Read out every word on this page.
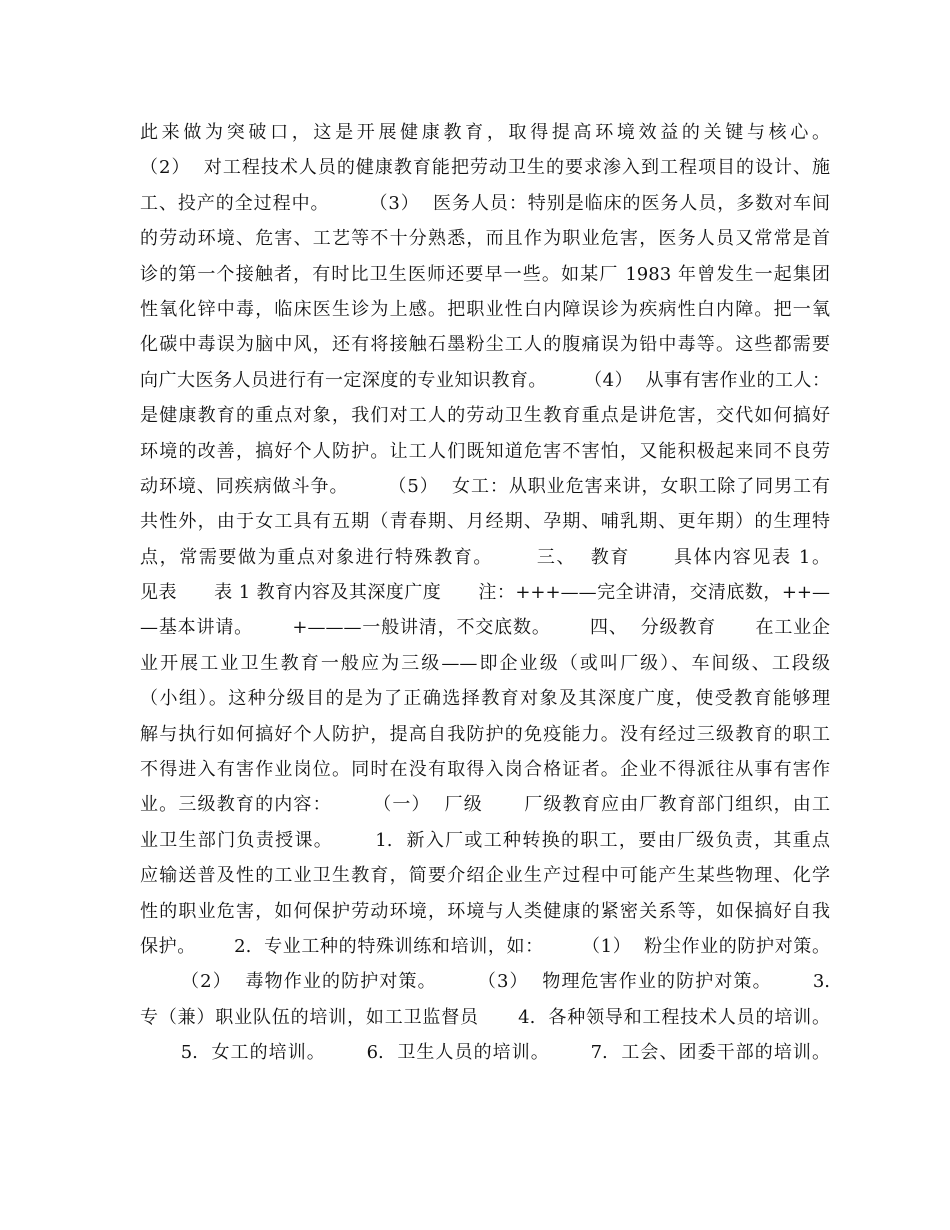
此来做为突破口，这是开展健康教育，取得提高环境效益的关键与核心。
（2）  对工程技术人员的健康教育能把劳动卫生的要求渗入到工程项目的设计、施
工、投产的全过程中。      （3）  医务人员：特别是临床的医务人员，多数对车间
的劳动环境、危害、工艺等不十分熟悉，而且作为职业危害，医务人员又常常是首
诊的第一个接触者，有时比卫生医师还要早一些。如某厂 1983 年曾发生一起集团
性氧化锌中毒，临床医生诊为上感。把职业性白内障误诊为疾病性白内障。把一氧
化碳中毒误为脑中风，还有将接触石墨粉尘工人的腹痛误为铅中毒等。这些都需要
向广大医务人员进行有一定深度的专业知识教育。      （4）  从事有害作业的工人：
是健康教育的重点对象，我们对工人的劳动卫生教育重点是讲危害，交代如何搞好
环境的改善，搞好个人防护。让工人们既知道危害不害怕，又能积极起来同不良劳
动环境、同疾病做斗争。      （5）  女工：从职业危害来讲，女职工除了同男工有
共性外，由于女工具有五期（青春期、月经期、孕期、哺乳期、更年期）的生理特
点，常需要做为重点对象进行特殊教育。      三、  教育      具体内容见表 1。
见表      表 1 教育内容及其深度广度      注：+++——完全讲清，交清底数，++—
—基本讲请。      +———一般讲清，不交底数。      四、  分级教育      在工业企
业开展工业卫生教育一般应为三级——即企业级（或叫厂级）、车间级、工段级
（小组）。这种分级目的是为了正确选择教育对象及其深度广度，使受教育能够理
解与执行如何搞好个人防护，提高自我防护的免疫能力。没有经过三级教育的职工
不得进入有害作业岗位。同时在没有取得入岗合格证者。企业不得派往从事有害作
业。三级教育的内容：      （一）  厂级      厂级教育应由厂教育部门组织，由工
业卫生部门负责授课。      1.  新入厂或工种转换的职工，要由厂级负责，其重点
应输送普及性的工业卫生教育，简要介绍企业生产过程中可能产生某些物理、化学
性的职业危害，如何保护劳动环境，环境与人类健康的紧密关系等，如保搞好自我
保护。      2.  专业工种的特殊训练和培训，如：      （1）  粉尘作业的防护对策。
（2）  毒物作业的防护对策。      （3）  物理危害作业的防护对策。      3.
专（兼）职业队伍的培训，如工卫监督员      4.  各种领导和工程技术人员的培训。
5.  女工的培训。      6.  卫生人员的培训。      7.  工会、团委干部的培训。
